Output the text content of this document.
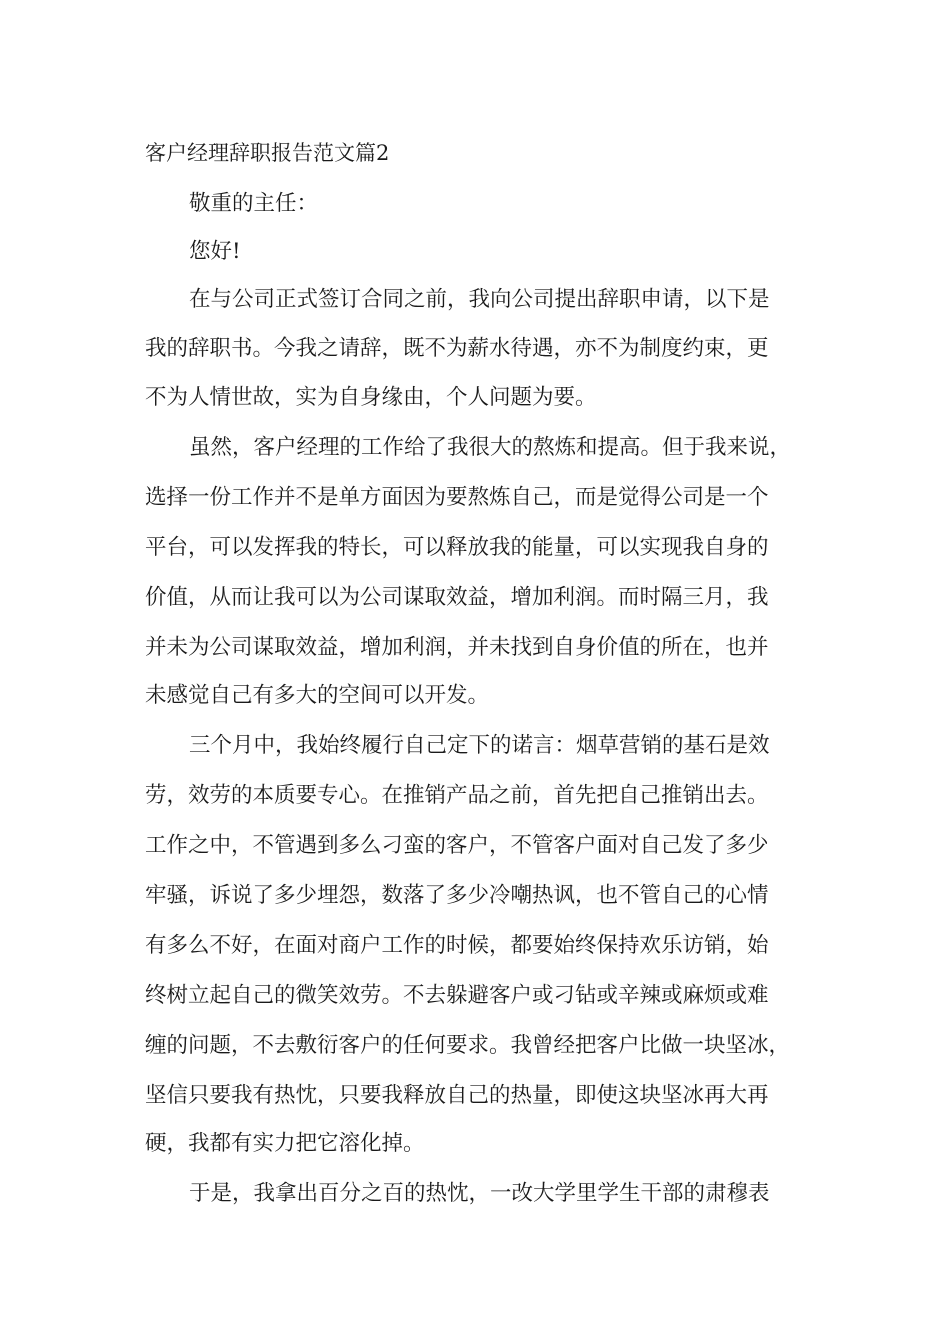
客户经理辞职报告范文篇2
敬重的主任：
您好!
在与公司正式签订合同之前，我向公司提出辞职申请，以下是
我的辞职书。今我之请辞，既不为薪水待遇，亦不为制度约束，更
不为人情世故，实为自身缘由，个人问题为要。
虽然，客户经理的工作给了我很大的熬炼和提高。但于我来说，
选择一份工作并不是单方面因为要熬炼自己，而是觉得公司是一个
平台，可以发挥我的特长，可以释放我的能量，可以实现我自身的
价值，从而让我可以为公司谋取效益，增加利润。而时隔三月，我
并未为公司谋取效益，增加利润，并未找到自身价值的所在，也并
未感觉自己有多大的空间可以开发。
三个月中，我始终履行自己定下的诺言：烟草营销的基石是效
劳，效劳的本质要专心。在推销产品之前，首先把自己推销出去。
工作之中，不管遇到多么刁蛮的客户，不管客户面对自己发了多少
牢骚，诉说了多少埋怨，数落了多少冷嘲热讽，也不管自己的心情
有多么不好，在面对商户工作的时候，都要始终保持欢乐访销，始
终树立起自己的微笑效劳。不去躲避客户或刁钻或辛辣或麻烦或难
缠的问题，不去敷衍客户的任何要求。我曾经把客户比做一块坚冰，
坚信只要我有热忱，只要我释放自己的热量，即使这块坚冰再大再
硬，我都有实力把它溶化掉。
于是，我拿出百分之百的热忱，一改大学里学生干部的肃穆表
